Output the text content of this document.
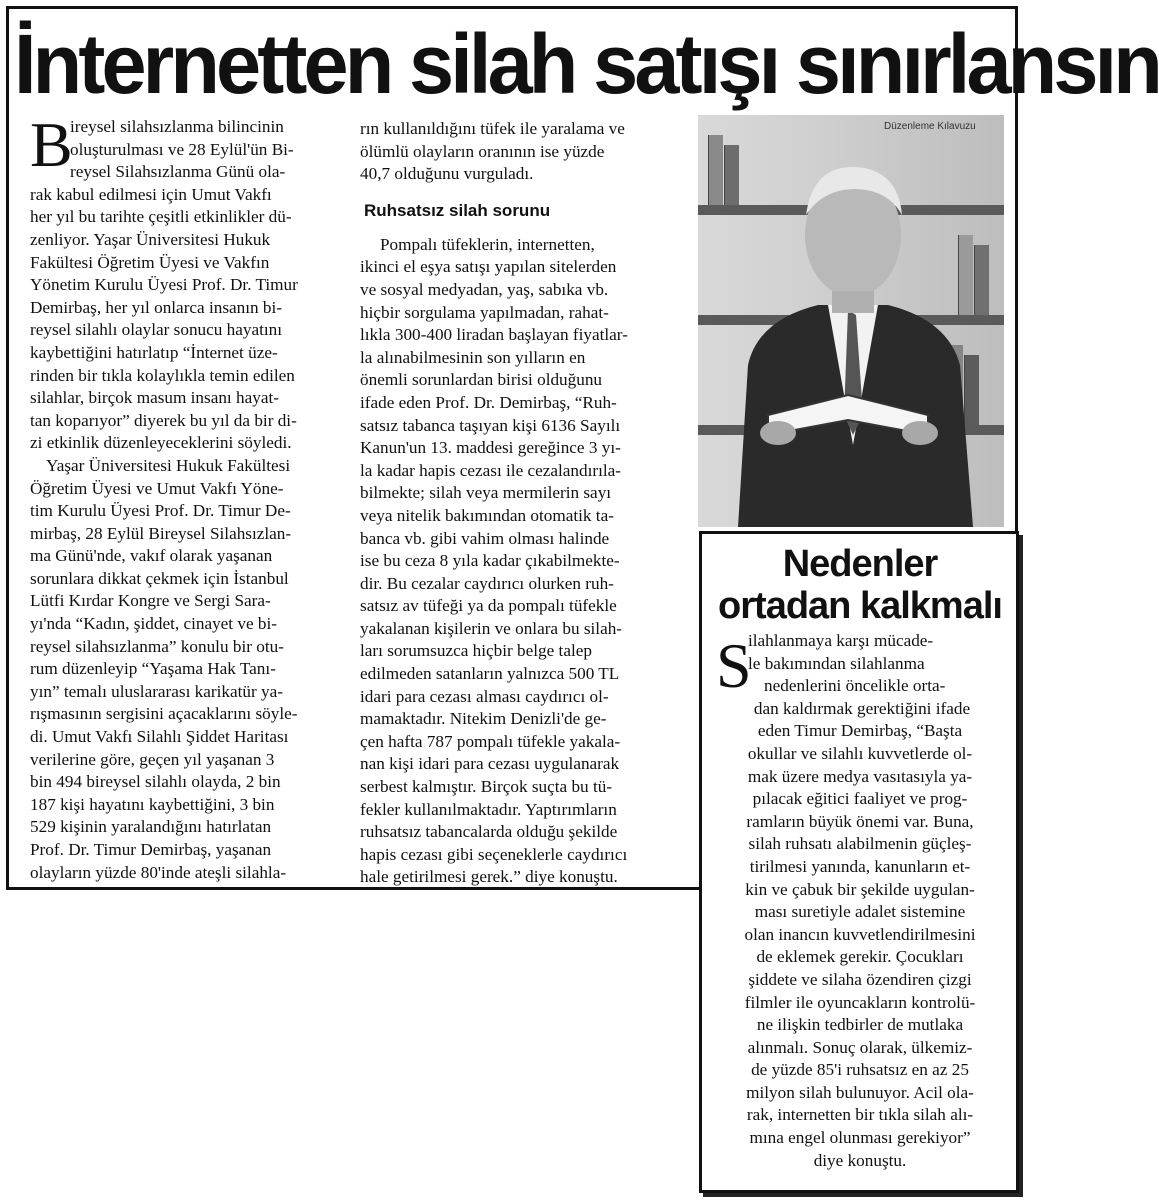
İnternetten silah satışı sınırlansın
B

ireysel silahsızlanma bilincinin

oluşturulması ve 28 Eylül'ün Bi-

reysel Silahsızlanma Günü ola-

rak kabul edilmesi için Umut Vakfı

her yıl bu tarihte çeşitli etkinlikler dü-

zenliyor. Yaşar Üniversitesi Hukuk

Fakültesi Öğretim Üyesi ve Vakfın

Yönetim Kurulu Üyesi Prof. Dr. Timur

Demirbaş, her yıl onlarca insanın bi-

reysel silahlı olaylar sonucu hayatını

kaybettiğini hatırlatıp “İnternet üze-

rinden bir tıkla kolaylıkla temin edilen

silahlar, birçok masum insanı hayat-

tan koparıyor” diyerek bu yıl da bir di-

zi etkinlik düzenleyeceklerini söyledi.

Yaşar Üniversitesi Hukuk Fakültesi

Öğretim Üyesi ve Umut Vakfı Yöne-

tim Kurulu Üyesi Prof. Dr. Timur De-

mirbaş, 28 Eylül Bireysel Silahsızlan-

ma Günü'nde, vakıf olarak yaşanan

sorunlara dikkat çekmek için İstanbul

Lütfi Kırdar Kongre ve Sergi Sara-

yı'nda “Kadın, şiddet, cinayet ve bi-

reysel silahsızlanma” konulu bir otu-

rum düzenleyip “Yaşama Hak Tanı-

yın” temalı uluslararası karikatür ya-

rışmasının sergisini açacaklarını söyle-

di. Umut Vakfı Silahlı Şiddet Haritası

verilerine göre, geçen yıl yaşanan 3

bin 494 bireysel silahlı olayda, 2 bin

187 kişi hayatını kaybettiğini, 3 bin

529 kişinin yaralandığını hatırlatan

Prof. Dr. Timur Demirbaş, yaşanan

olayların yüzde 80'inde ateşli silahla-

rın kullanıldığını tüfek ile yaralama ve

ölümlü olayların oranının ise yüzde

40,7 olduğunu vurguladı.

Pompalı tüfeklerin, internetten,

ikinci el eşya satışı yapılan sitelerden

ve sosyal medyadan, yaş, sabıka vb.

hiçbir sorgulama yapılmadan, rahat-

lıkla 300-400 liradan başlayan fiyatlar-

la alınabilmesinin son yılların en

önemli sorunlardan birisi olduğunu

ifade eden Prof. Dr. Demirbaş, “Ruh-

satsız tabanca taşıyan kişi 6136 Sayılı

Kanun'un 13. maddesi gereğince 3 yı-

la kadar hapis cezası ile cezalandırıla-

bilmekte; silah veya mermilerin sayı

veya nitelik bakımından otomatik ta-

banca vb. gibi vahim olması halinde

ise bu ceza 8 yıla kadar çıkabilmekte-

dir. Bu cezalar caydırıcı olurken ruh-

satsız av tüfeği ya da pompalı tüfekle

yakalanan kişilerin ve onlara bu silah-

ları sorumsuzca hiçbir belge talep

edilmeden satanların yalnızca 500 TL

idari para cezası alması caydırıcı ol-

mamaktadır. Nitekim Denizli'de ge-

çen hafta 787 pompalı tüfekle yakala-

nan kişi idari para cezası uygulanarak

serbest kalmıştır. Birçok suçta bu tü-

fekler kullanılmaktadır. Yaptırımların

ruhsatsız tabancalarda olduğu şekilde

hapis cezası gibi seçeneklerle caydırıcı

hale getirilmesi gerek.” diye konuştu.

Ruhsatsız silah sorunu
Düzenleme Kılavuzu
Nedenler
ortadan kalkmalı
S

ilahlanmaya karşı mücade-

le bakımından silahlanma

nedenlerini öncelikle orta-

dan kaldırmak gerektiğini ifade

eden Timur Demirbaş, “Başta

okullar ve silahlı kuvvetlerde ol-

mak üzere medya vasıtasıyla ya-

pılacak eğitici faaliyet ve prog-

ramların büyük önemi var. Buna,

silah ruhsatı alabilmenin güçleş-

tirilmesi yanında, kanunların et-

kin ve çabuk bir şekilde uygulan-

ması suretiyle adalet sistemine

olan inancın kuvvetlendirilmesini

de eklemek gerekir. Çocukları

şiddete ve silaha özendiren çizgi

filmler ile oyuncakların kontrolü-

ne ilişkin tedbirler de mutlaka

alınmalı. Sonuç olarak, ülkemiz-

de yüzde 85'i ruhsatsız en az 25

milyon silah bulunuyor. Acil ola-

rak, internetten bir tıkla silah alı-

mına engel olunması gerekiyor”

diye konuştu.
